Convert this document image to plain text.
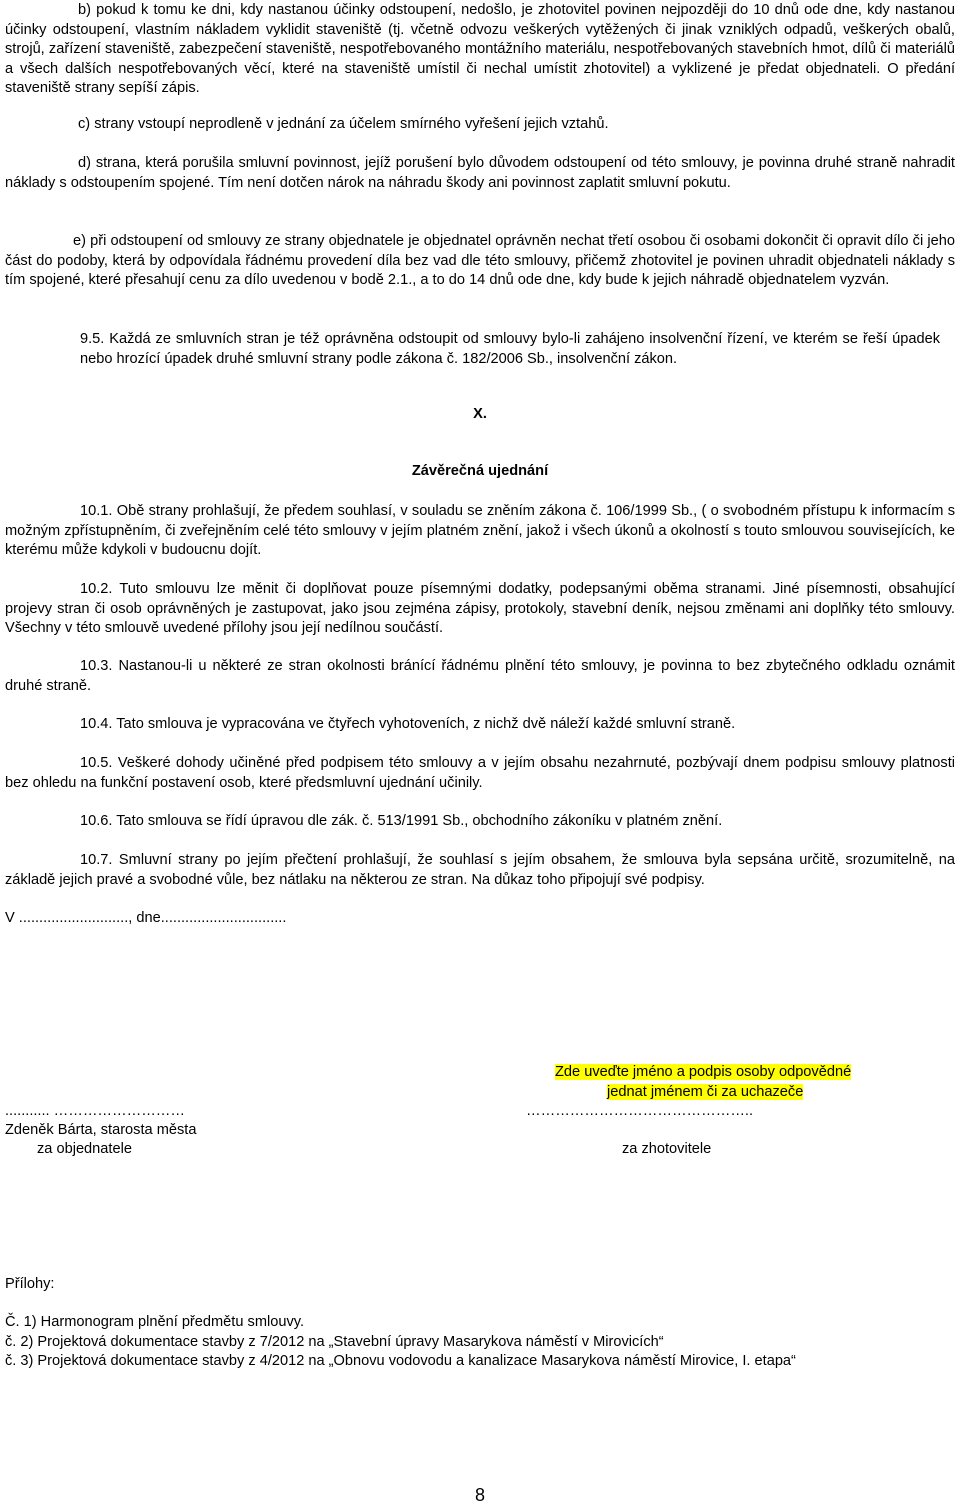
b) pokud k tomu ke dni, kdy nastanou účinky odstoupení, nedošlo, je zhotovitel povinen nejpozději do 10 dnů ode dne, kdy nastanou účinky odstoupení, vlastním nákladem vyklidit staveniště (tj. včetně odvozu veškerých vytěžených či jinak vzniklých odpadů, veškerých obalů, strojů, zařízení staveniště, zabezpečení staveniště, nespotřebovaného montážního materiálu, nespotřebovaných stavebních hmot, dílů či materiálů a všech dalších nespotřebovaných věcí, které na staveniště umístil či nechal umístit zhotovitel) a vyklizené je předat objednateli. O předání staveniště strany sepíší zápis.

c) strany vstoupí neprodleně v jednání za účelem smírného vyřešení jejich vztahů.

d) strana, která porušila smluvní povinnost, jejíž porušení bylo důvodem odstoupení od této smlouvy, je povinna druhé straně nahradit náklady s odstoupením spojené. Tím není dotčen nárok na náhradu škody ani povinnost zaplatit smluvní pokutu.

e) při odstoupení od smlouvy ze strany objednatele je objednatel oprávněn nechat třetí osobou či osobami dokončit či opravit dílo či jeho část do podoby, která by odpovídala řádnému provedení díla bez vad dle této smlouvy, přičemž zhotovitel je povinen uhradit objednateli náklady s tím spojené, které přesahují cenu za dílo uvedenou v bodě 2.1., a to do 14 dnů ode dne, kdy bude k jejich náhradě objednatelem vyzván.

9.5. Každá ze smluvních stran je též oprávněna odstoupit od smlouvy bylo-li zahájeno insolvenční řízení, ve kterém se řeší úpadek nebo hrozící úpadek druhé smluvní strany podle zákona č. 182/2006 Sb., insolvenční zákon.

X.

Závěrečná ujednání

10.1. Obě strany prohlašují, že předem souhlasí, v souladu se zněním zákona č. 106/1999 Sb., ( o svobodném přístupu k informacím s možným zpřístupněním, či zveřejněním celé této smlouvy v jejím platném znění, jakož i všech úkonů a okolností s touto smlouvou souvisejících, ke kterému může kdykoli v budoucnu dojít.

10.2. Tuto smlouvu lze měnit či doplňovat pouze písemnými dodatky, podepsanými oběma stranami. Jiné písemnosti, obsahující projevy stran či osob oprávněných je zastupovat, jako jsou zejména zápisy, protokoly, stavební deník, nejsou změnami ani doplňky této smlouvy. Všechny v této smlouvě uvedené přílohy jsou její nedílnou součástí.

10.3. Nastanou-li u některé ze stran okolnosti bránící řádnému plnění této smlouvy, je povinna to bez zbytečného odkladu oznámit druhé straně.

10.4. Tato smlouva je vypracována ve čtyřech vyhotoveních, z nichž dvě náleží každé smluvní straně.

10.5. Veškeré dohody učiněné před podpisem této smlouvy a v jejím obsahu nezahrnuté, pozbývají dnem podpisu smlouvy platnosti bez ohledu na funkční postavení osob, které předsmluvní ujednání učinily.

10.6. Tato smlouva se řídí úpravou dle zák. č. 513/1991 Sb., obchodního zákoníku v platném znění.

10.7. Smluvní strany po jejím přečtení prohlašují, že souhlasí s jejím obsahem, že smlouva byla sepsána určitě, srozumitelně, na základě jejich pravé a svobodné vůle, bez nátlaku na některou ze stran. Na důkaz toho připojují své podpisy.

V ..........................., dne...............................

Zde uveďte jméno a podpis osoby odpovědné
jednat jménem či za uchazeče

........... ………………………	………………………………………..

Zdeněk Bárta, starosta města

za objednatele	za zhotovitele

Přílohy:

Č. 1) Harmonogram plnění předmětu smlouvy.

č. 2) Projektová dokumentace stavby z 7/2012 na „Stavební úpravy Masarykova náměstí v Mirovicích“

č. 3) Projektová dokumentace stavby z 4/2012 na „Obnovu vodovodu a kanalizace Masarykova náměstí Mirovice, I. etapa“

8
